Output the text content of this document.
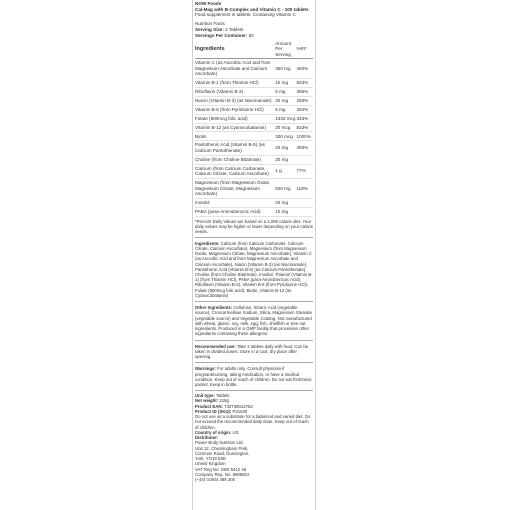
NOW Foods
Cal-Mag with B-Complex and Vitamin C - 100 tablets
Food supplement in tablets. Containing Vitamin C
Nutrition Facts
Serving Size: 2 Tablets
Servings Per Container: 50
Ingredients	Amount Per Serving	%RI*
Vitamin C (as Ascorbic Acid and from Magnesium Ascorbate and Calcium Ascorbate)	360 mg	450%
Vitamin B-1 (from Thiamin HCl)	10 mg	833%
Riboflavin (Vitamin B-2)	5 mg	385%
Niacin (Vitamin B-3) (as Niacinamide)	40 mg	250%
Vitamin B-6 (from Pyridoxine HCl)	5 mg	294%
Folate (800mcg folic acid)	1333 mcg	333%
Vitamin B-12 (as Cyanocobalamin)	20 mcg	833%
Biotin	300 mcg	1000%
Pantothenic Acid (Vitamin B-5) (as Calcium Pantothenate)	20 mg	400%
Choline (from Choline Bitartrate)	20 mg	
Calcium (from Calcium Carbonate, Calcium Citrate, Calcium Ascorbate)	1 g	77%
Magnesium (from Magnesium Oxide, Magnesium Citrate, Magnesium Ascorbate)	500 mg	119%
Inositol	20 mg	
PABA (para-Aminobenzoic Acid)	10 mg	
*Percent Daily Values are based on a 2,000 calorie diet. Your daily values may be higher or lower depending on your calorie needs.

Ingredients: Calcium (from Calcium Carbonate, Calcium Citrate, Calcium Ascorbate), Magnesium (from Magnesium Oxide, Magnesium Citrate, Magnesium Ascorbate), Vitamin C (as Ascorbic Acid and from Magnesium Ascorbate and Calcium Ascorbate), Niacin (Vitamin B-3) (as Niacinamide), Pantothenic Acid (Vitamin B-5) (as Calcium Pantothenate), Choline (from Choline Bitartrate), Inositol, Thiamin (Vitamin B-1) (from Thiamin HCl), PABA (para-Aminobenzoic Acid), Riboflavin (Vitamin B-2), Vitamin B-6 (from Pyridoxine HCl), Folate (800mcg folic acid), Biotin, Vitamin B-12 (as Cyanocobalamin)

Other Ingredients: Cellulose, Stearic Acid (vegetable source), Croscarmellose Sodium, Silica, Magnesium Stearate (vegetable source) and Vegetable Coating. Not manufactured with wheat, gluten, soy, milk, egg, fish, shellfish or tree nut ingredients. Produced in a GMP facility that processes other ingredients containing these allergens.

Recommended use: Take 2 tablets daily with food. Can be taken in divided doses. Store in a cool, dry place after opening.

Warnings: For adults only. Consult physician if pregnant/nursing, taking medication, or have a medical condition. Keep out of reach of children. Do not eat freshness packet. Keep in bottle.

Unit type: Tablets
Net weight: 218g
Product EAN: 733739012753
Product ID (SKU): P21530

Do not use as a substitute for a balanced and varied diet. Do not exceed the recommended daily dose. Keep out of reach of children.

Country of origin: US
Distributor:
Power Body Nutrition Ltd.
Unit 12, Chessingham Park,
Common Road, Dunnington,
York, YO19 5SE
United Kingdom
VAT Reg No: GB0 5412 46
Company Reg. No. 6908822
(+44) 01904 488 300
